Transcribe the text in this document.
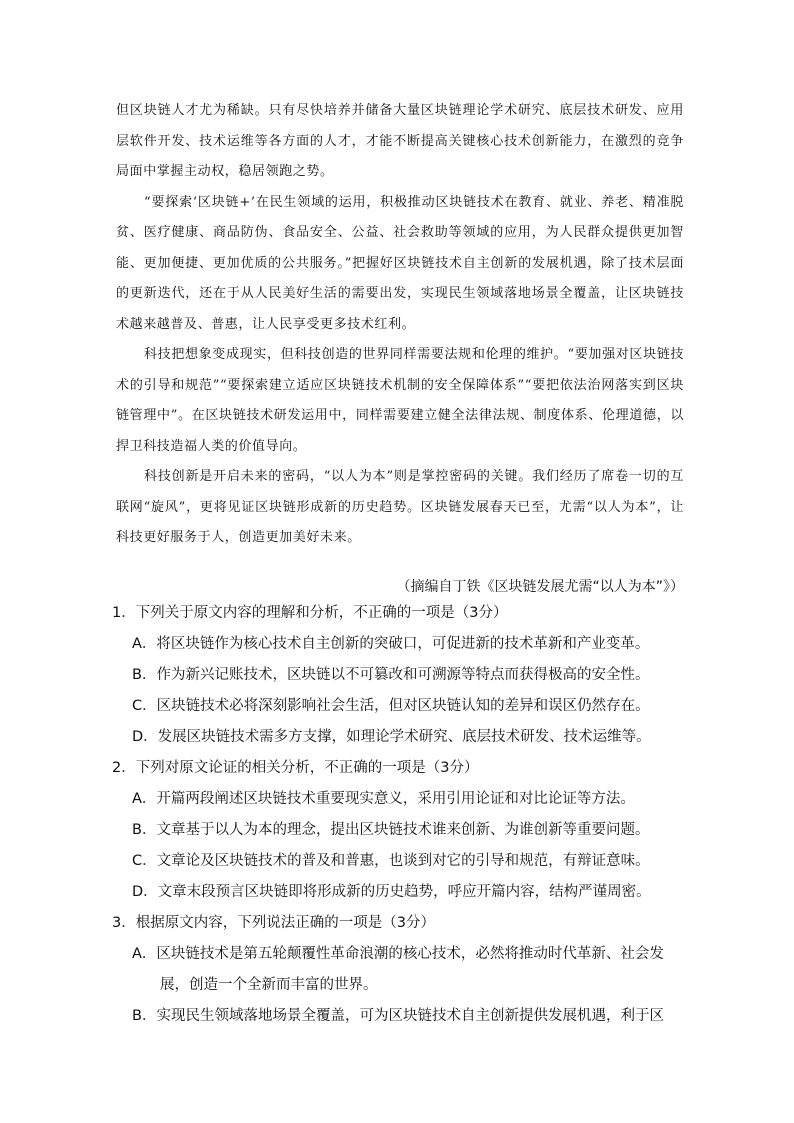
但区块链人才尤为稀缺。只有尽快培养并储备大量区块链理论学术研究、底层技术研发、应用层软件开发、技术运维等各方面的人才，才能不断提高关键核心技术创新能力，在激烈的竞争局面中掌握主动权，稳居领跑之势。

“要探索‘区块链+’在民生领域的运用，积极推动区块链技术在教育、就业、养老、精准脱贫、医疗健康、商品防伪、食品安全、公益、社会救助等领域的应用，为人民群众提供更加智能、更加便捷、更加优质的公共服务。”把握好区块链技术自主创新的发展机遇，除了技术层面的更新迭代，还在于从人民美好生活的需要出发，实现民生领域落地场景全覆盖，让区块链技术越来越普及、普惠，让人民享受更多技术红利。

科技把想象变成现实，但科技创造的世界同样需要法规和伦理的维护。“要加强对区块链技术的引导和规范”“要探索建立适应区块链技术机制的安全保障体系”“要把依法治网落实到区块链管理中”。在区块链技术研发运用中，同样需要建立健全法律法规、制度体系、伦理道德，以捍卫科技造福人类的价值导向。

科技创新是开启未来的密码，“以人为本”则是掌控密码的关键。我们经历了席卷一切的互联网“旋风”，更将见证区块链形成新的历史趋势。区块链发展春天已至，尤需“以人为本”，让科技更好服务于人，创造更加美好未来。

（摘编自丁铁《区块链发展尤需“以人为本”》）

1．下列关于原文内容的理解和分析，不正确的一项是（3分）

A．将区块链作为核心技术自主创新的突破口，可促进新的技术革新和产业变革。

B．作为新兴记账技术，区块链以不可篡改和可溯源等特点而获得极高的安全性。

C．区块链技术必将深刻影响社会生活，但对区块链认知的差异和误区仍然存在。

D．发展区块链技术需多方支撑，如理论学术研究、底层技术研发、技术运维等。

2．下列对原文论证的相关分析，不正确的一项是（3分）

A．开篇两段阐述区块链技术重要现实意义，采用引用论证和对比论证等方法。

B．文章基于以人为本的理念，提出区块链技术谁来创新、为谁创新等重要问题。

C．文章论及区块链技术的普及和普惠，也谈到对它的引导和规范，有辩证意味。

D．文章末段预言区块链即将形成新的历史趋势，呼应开篇内容，结构严谨周密。

3．根据原文内容，下列说法正确的一项是（3分）

A．区块链技术是第五轮颠覆性革命浪潮的核心技术，必然将推动时代革新、社会发

展，创造一个全新而丰富的世界。

B．实现民生领域落地场景全覆盖，可为区块链技术自主创新提供发展机遇，利于区
